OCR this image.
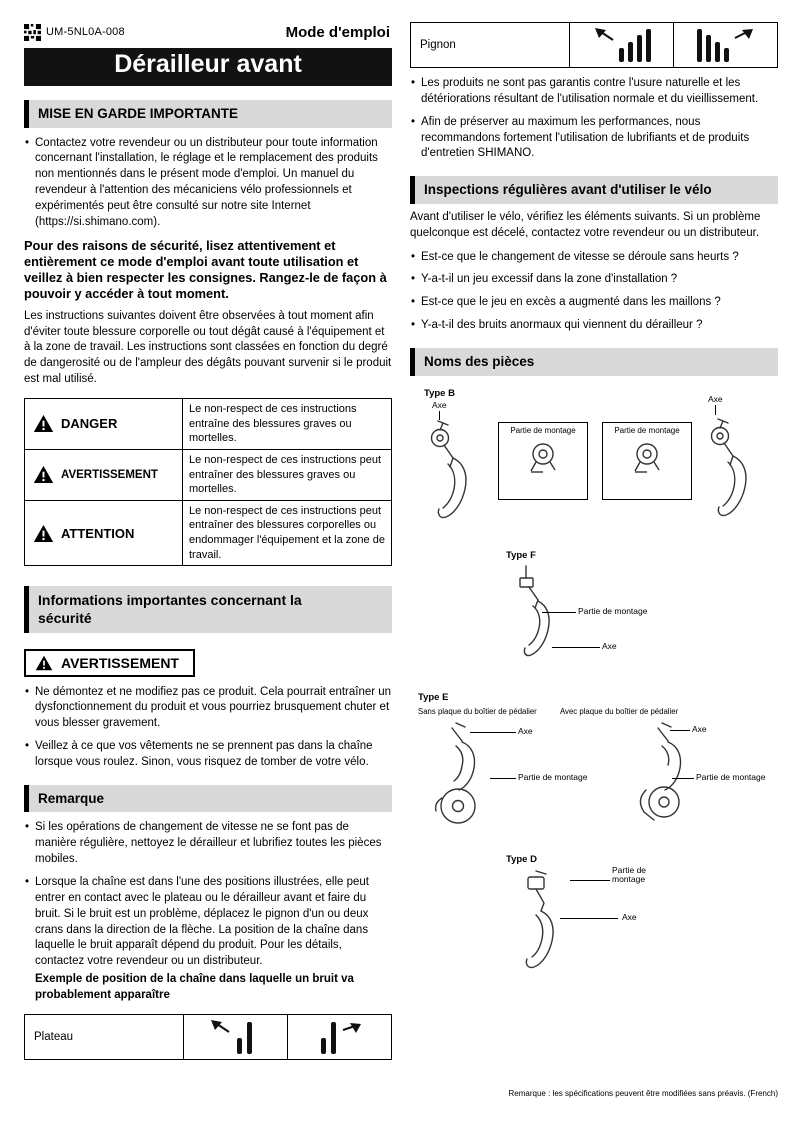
UM-5NL0A-008	Mode d'emploi
Dérailleur avant
MISE EN GARDE IMPORTANTE
• Contactez votre revendeur ou un distributeur pour toute information concernant l'installation, le réglage et le remplacement des produits non mentionnés dans le présent mode d'emploi. Un manuel du revendeur à l'attention des mécaniciens vélo professionnels et expérimentés peut être consulté sur notre site Internet (https://si.shimano.com).
Pour des raisons de sécurité, lisez attentivement et entièrement ce mode d'emploi avant toute utilisation et veillez à bien respecter les consignes. Rangez-le de façon à pouvoir y accéder à tout moment.
Les instructions suivantes doivent être observées à tout moment afin d'éviter toute blessure corporelle ou tout dégât causé à l'équipement et à la zone de travail. Les instructions sont classées en fonction du degré de dangerosité ou de l'ampleur des dégâts pouvant survenir si le produit est mal utilisé.
DANGER
Le non-respect de ces instructions entraîne des blessures graves ou mortelles.
AVERTISSEMENT
Le non-respect de ces instructions peut entraîner des blessures graves ou mortelles.
ATTENTION
Le non-respect de ces instructions peut entraîner des blessures corporelles ou endommager l'équipement et la zone de travail.
Informations importantes concernant la sécurité
AVERTISSEMENT
• Ne démontez et ne modifiez pas ce produit. Cela pourrait entraîner un dysfonctionnement du produit et vous pourriez brusquement chuter et vous blesser gravement.
• Veillez à ce que vos vêtements ne se prennent pas dans la chaîne lorsque vous roulez. Sinon, vous risquez de tomber de votre vélo.
Remarque
• Si les opérations de changement de vitesse ne se font pas de manière régulière, nettoyez le dérailleur et lubrifiez toutes les pièces mobiles.
• Lorsque la chaîne est dans l'une des positions illustrées, elle peut entrer en contact avec le plateau ou le dérailleur avant et faire du bruit. Si le bruit est un problème, déplacez le pignon d'un ou deux crans dans la direction de la flèche. La position de la chaîne dans laquelle le bruit apparaît dépend du produit. Pour les détails, contactez votre revendeur ou un distributeur.
Exemple de position de la chaîne dans laquelle un bruit va probablement apparaître
Plateau
Pignon
• Les produits ne sont pas garantis contre l'usure naturelle et les détériorations résultant de l'utilisation normale et du vieillissement.
• Afin de préserver au maximum les performances, nous recommandons fortement l'utilisation de lubrifiants et de produits d'entretien SHIMANO.
Inspections régulières avant d'utiliser le vélo
Avant d'utiliser le vélo, vérifiez les éléments suivants. Si un problème quelconque est décelé, contactez votre revendeur ou un distributeur.
• Est-ce que le changement de vitesse se déroule sans heurts ?
• Y-a-t-il un jeu excessif dans la zone d'installation ?
• Est-ce que le jeu en excès a augmenté dans les maillons ?
• Y-a-t-il des bruits anormaux qui viennent du dérailleur ?
Noms des pièces
Type B
Axe
Partie de montage	Partie de montage
Axe
Type F
Partie de montage
Axe
Type E
Sans plaque du boîtier de pédalier	Avec plaque du boîtier de pédalier
Axe
Partie de montage
Axe
Partie de montage
Type D
Partie de montage
Axe
Remarque : les spécifications peuvent être modifiées sans préavis. (French)
